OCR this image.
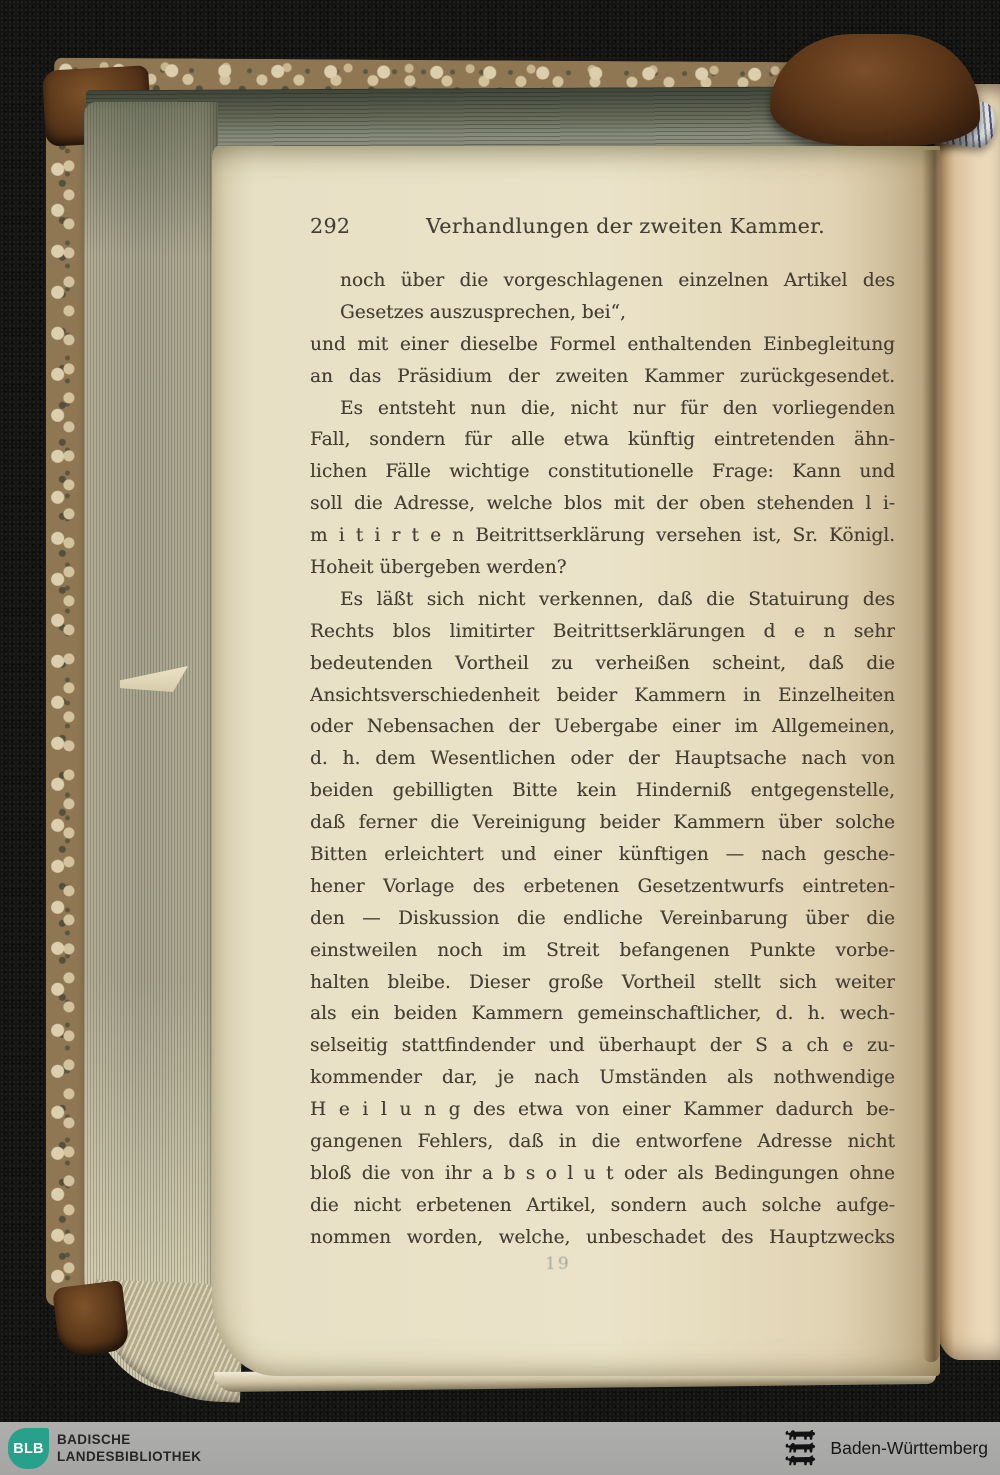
292	Verhandlungen der zweiten Kammer.
noch über die vorgeschlagenen einzelnen Artikel des
Gesetzes auszusprechen, bei“,
und mit einer dieselbe Formel enthaltenden Einbegleitung
an das Präsidium der zweiten Kammer zurückgesendet.
Es entsteht nun die, nicht nur für den vorliegenden
Fall, sondern für alle etwa künftig eintretenden ähn-
lichen Fälle wichtige constitutionelle Frage: Kann und
soll die Adresse, welche blos mit der oben stehenden l i-
m i t i r t e n Beitrittserklärung versehen ist, Sr. Königl.
Hoheit übergeben werden?
Es läßt sich nicht verkennen, daß die Statuirung des
Rechts blos limitirter Beitrittserklärungen d e n sehr
bedeutenden Vortheil zu verheißen scheint, daß die
Ansichtsverschiedenheit beider Kammern in Einzelheiten
oder Nebensachen der Uebergabe einer im Allgemeinen,
d. h. dem Wesentlichen oder der Hauptsache nach von
beiden gebilligten Bitte kein Hinderniß entgegenstelle,
daß ferner die Vereinigung beider Kammern über solche
Bitten erleichtert und einer künftigen — nach gesche-
hener Vorlage des erbetenen Gesetzentwurfs eintreten-
den — Diskussion die endliche Vereinbarung über die
einstweilen noch im Streit befangenen Punkte vorbe-
halten bleibe. Dieser große Vortheil stellt sich weiter
als ein beiden Kammern gemeinschaftlicher, d. h. wech-
selseitig stattfindender und überhaupt der S a ch e zu-
kommender dar, je nach Umständen als nothwendige
H e i l u n g des etwa von einer Kammer dadurch be-
gangenen Fehlers, daß in die entworfene Adresse nicht
bloß die von ihr a b s o l u t oder als Bedingungen ohne
die nicht erbetenen Artikel, sondern auch solche aufge-
nommen worden, welche, unbeschadet des Hauptzwecks
19
BLB
BADISCHE
LANDESBIBLIOTHEK	Baden-Württemberg
